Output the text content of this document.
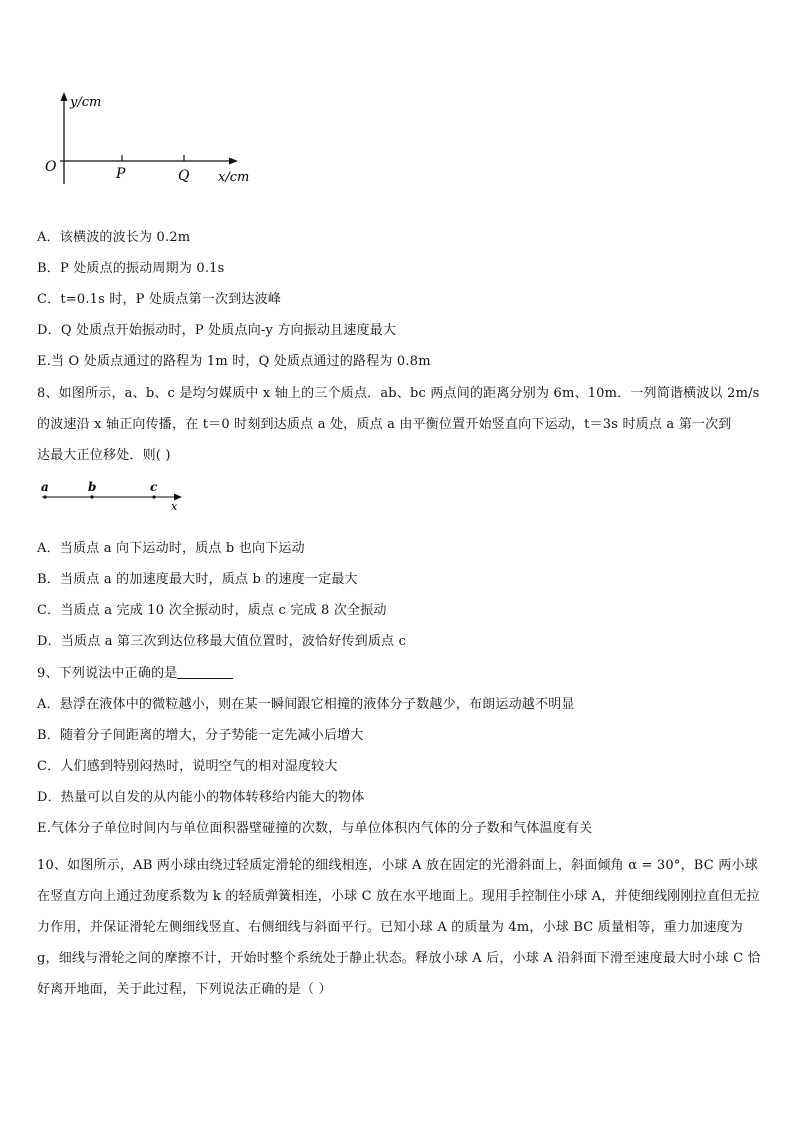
y/cm
O	P	Q x/cm
A．该横波的波长为 0.2m
B．P 处质点的振动周期为 0.1s
C．t=0.1s 时，P 处质点第一次到达波峰
D．Q 处质点开始振动时，P 处质点向-y 方向振动且速度最大
E.当 O 处质点通过的路程为 1m 时，Q 处质点通过的路程为 0.8m
8、如图所示，a、b、c 是均匀媒质中 x 轴上的三个质点．ab、bc 两点间的距离分别为 6m、10m．一列简谐横波以 2m/s
的波速沿 x 轴正向传播，在 t＝0 时刻到达质点 a 处，质点 a 由平衡位置开始竖直向下运动，t＝3s 时质点 a 第一次到
达最大正位移处．则( )
a	b	c
x
A．当质点 a 向下运动时，质点 b 也向下运动
B．当质点 a 的加速度最大时，质点 b 的速度一定最大
C．当质点 a 完成 10 次全振动时，质点 c 完成 8 次全振动
D．当质点 a 第三次到达位移最大值位置时，波恰好传到质点 c
9、下列说法中正确的是
A．悬浮在液体中的微粒越小，则在某一瞬间跟它相撞的液体分子数越少，布朗运动越不明显
B．随着分子间距离的增大，分子势能一定先减小后增大
C．人们感到特别闷热时，说明空气的相对湿度较大
D．热量可以自发的从内能小的物体转移给内能大的物体
E.气体分子单位时间内与单位面积器壁碰撞的次数，与单位体积内气体的分子数和气体温度有关
10、如图所示，AB 两小球由绕过轻质定滑轮的细线相连，小球 A 放在固定的光滑斜面上，斜面倾角 α = 30°，BC 两小球在竖直方向上通过劲度系数为 k 的轻质弹簧相连，小球 C 放在水平地面上。现用手控制住小球 A，并使细线刚刚拉直但无拉力作用，并保证滑轮左侧细线竖直、右侧细线与斜面平行。已知小球 A 的质量为 4m，小球 BC 质量相等，重力加速度为 g，细线与滑轮之间的摩擦不计，开始时整个系统处于静止状态。释放小球 A 后，小球 A 沿斜面下滑至速度最大时小球 C 恰好离开地面，关于此过程，下列说法正确的是（ ）
